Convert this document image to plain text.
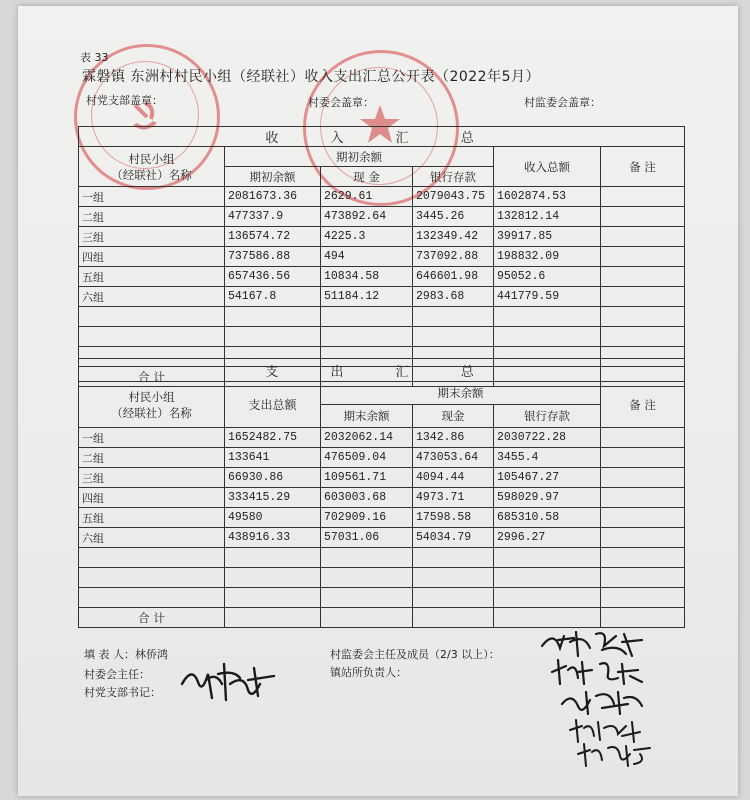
表 33
霖磐镇 东洲村村民小组（经联社）收入支出汇总公开表（2022年5月）
村党支部盖章：	村委会盖章：	村监委会盖章：
收 入 汇 总					

村民小组
（经联社）名称	期初余额			收入总额	备 注
	期初余额	现 金	银行存款		
一组	2081673.36	2629.61	2079043.75	1602874.53	
二组	477337.9	473892.64	3445.26	132812.14	
三组	136574.72	4225.3	132349.42	39917.85	
四组	737586.88	494	737092.88	198832.09	
五组	657436.56	10834.58	646601.98	95052.6	
六组	54167.8	51184.12	2983.68	441779.59	

合 计						支 出 汇 总					

村民小组
（经联社）名称	支出总额	期末余额			备 注
		期末余额	现金	银行存款	
一组	1652482.75	2032062.14	1342.86	2030722.28	
二组	133641	476509.04	473053.64	3455.4	
三组	66930.86	109561.71	4094.44	105467.27	
四组	333415.29	603003.68	4973.71	598029.97	
五组	49580	702909.16	17598.58	685310.58	
六组	438916.33	57031.06	54034.79	2996.27	

合 计					
填 表 人：林侨鸿
村委会主任：
村党支部书记：
村监委会主任及成员（2/3 以上）：
镇站所负责人：
